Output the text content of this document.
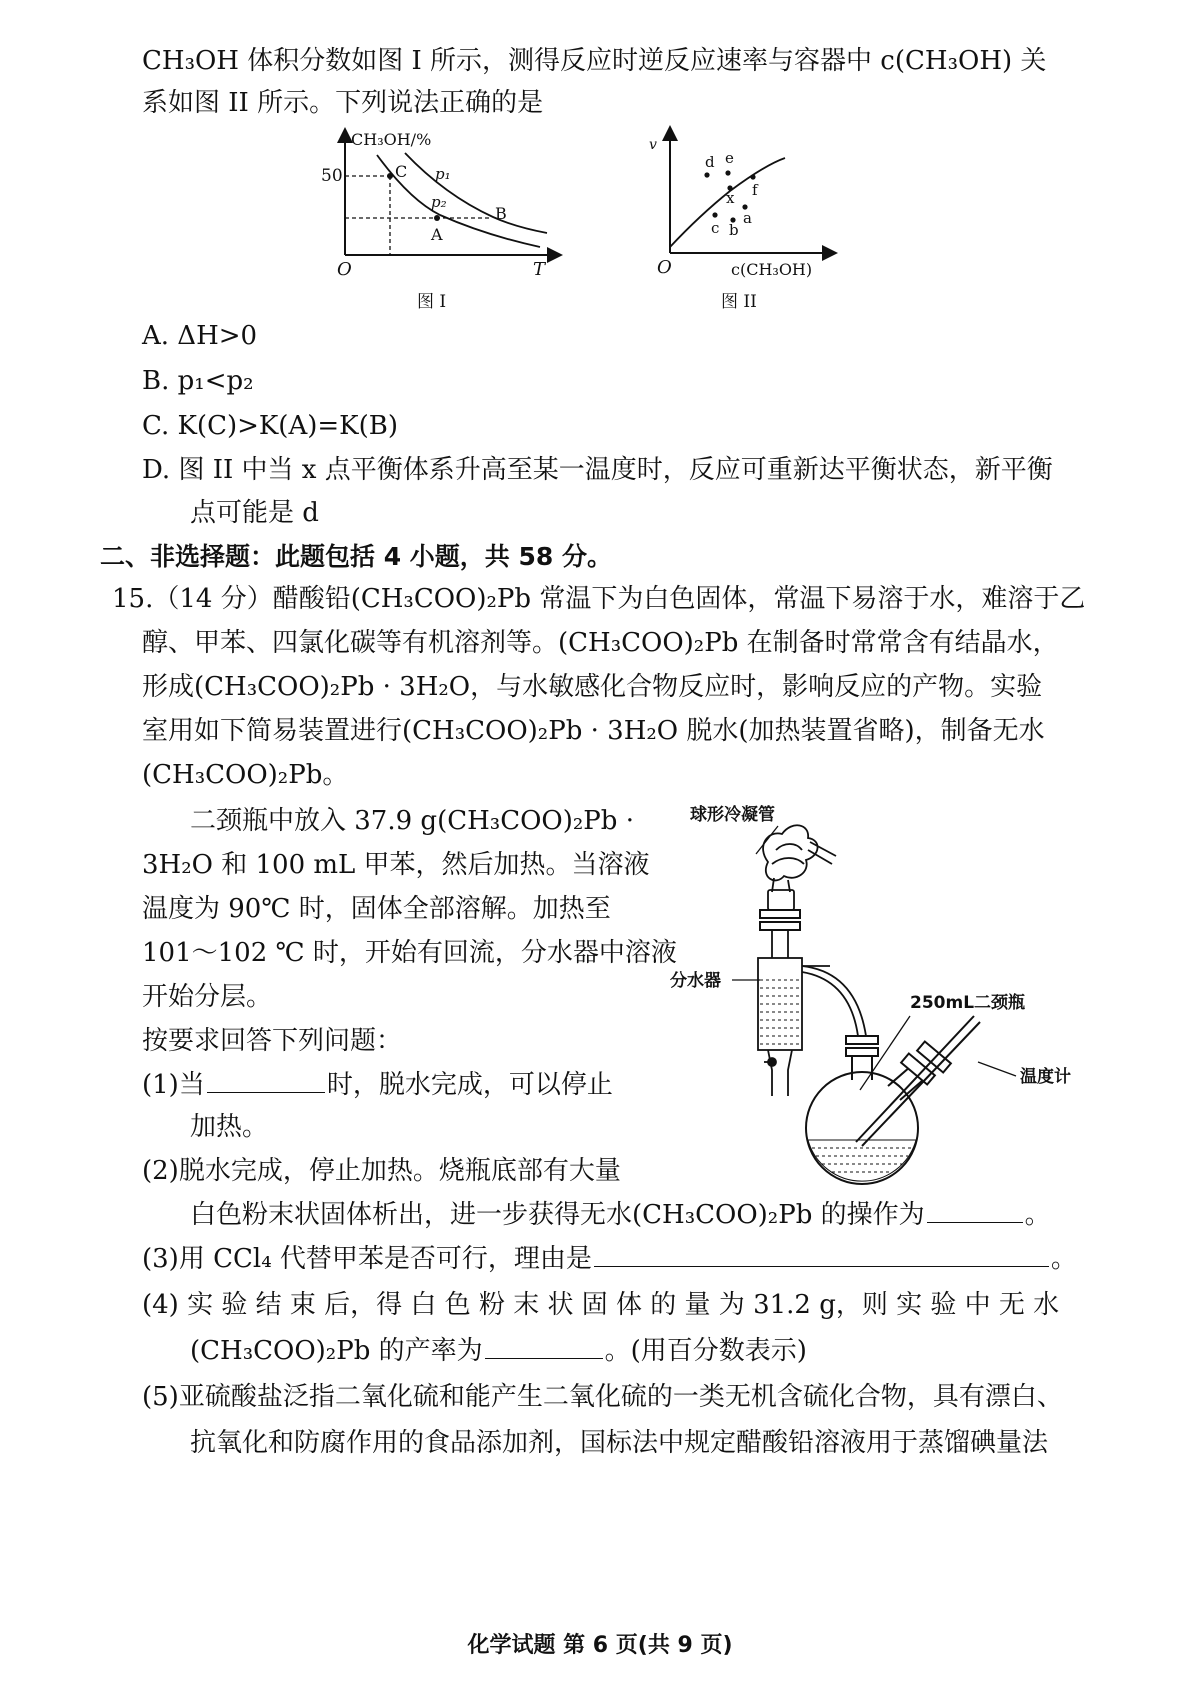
CH₃OH 体积分数如图 I 所示，测得反应时逆反应速率与容器中 c(CH₃OH) 关
系如图 II 所示。下列说法正确的是
CH₃OH/%
50
O	T
C p₁
p₂
A
B
图 I
v
O	c(CH₃OH)
d e
x f
a
c b
图 II
A. ΔH>0
B. p₁<p₂
C. K(C)>K(A)=K(B)
D. 图 II 中当 x 点平衡体系升高至某一温度时，反应可重新达平衡状态，新平衡
点可能是 d
二、非选择题：此题包括 4 小题，共 58 分。
15.（14 分）醋酸铅(CH₃COO)₂Pb 常温下为白色固体，常温下易溶于水，难溶于乙
醇、甲苯、四氯化碳等有机溶剂等。(CH₃COO)₂Pb 在制备时常常含有结晶水，
形成(CH₃COO)₂Pb · 3H₂O，与水敏感化合物反应时，影响反应的产物。实验
室用如下简易装置进行(CH₃COO)₂Pb · 3H₂O 脱水(加热装置省略)，制备无水
(CH₃COO)₂Pb。
二颈瓶中放入 37.9 g(CH₃COO)₂Pb ·
3H₂O 和 100 mL 甲苯，然后加热。当溶液
温度为 90℃ 时，固体全部溶解。加热至
101～102 ℃ 时，开始有回流，分水器中溶液
开始分层。
按要求回答下列问题：
(1)当	时，脱水完成，可以停止
加热。
(2)脱水完成，停止加热。烧瓶底部有大量
白色粉末状固体析出，进一步获得无水(CH₃COO)₂Pb 的操作为	。
(3)用 CCl₄ 代替甲苯是否可行，理由是	。
(4) 实 验 结 束 后，得 白 色 粉 末 状 固 体 的 量 为 31.2 g，则 实 验 中 无 水
(CH₃COO)₂Pb 的产率为	。(用百分数表示)
(5)亚硫酸盐泛指二氧化硫和能产生二氧化硫的一类无机含硫化合物，具有漂白、
抗氧化和防腐作用的食品添加剂，国标法中规定醋酸铅溶液用于蒸馏碘量法
球形冷凝管
分水器
250mL二颈瓶
温度计
化学试题 第 6 页(共 9 页)
